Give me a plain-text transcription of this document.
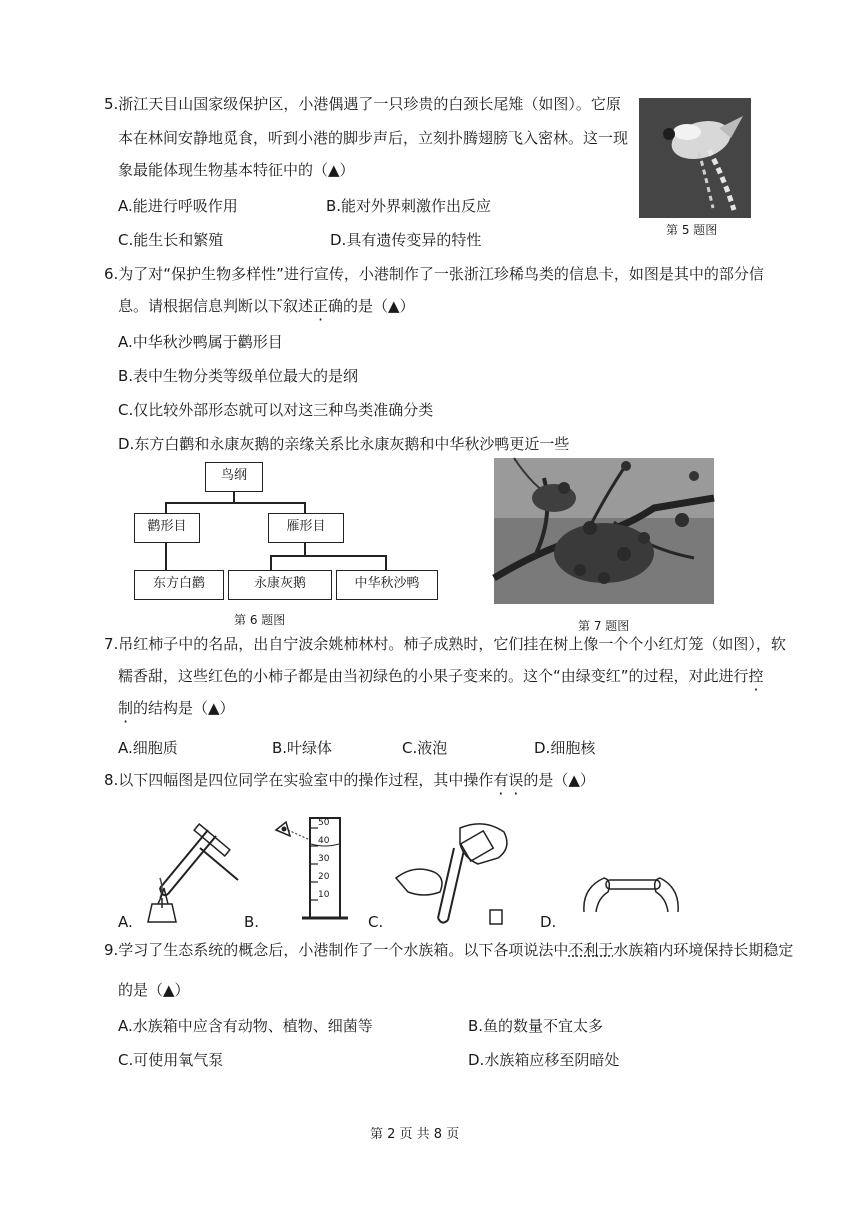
5.浙江天目山国家级保护区，小港偶遇了一只珍贵的白颈长尾雉（如图）。它原
本在林间安静地觅食，听到小港的脚步声后，立刻扑腾翅膀飞入密林。这一现
象最能体现生物基本特征中的（▲）
A.能进行呼吸作用	B.能对外界刺激作出反应
C.能生长和繁殖	D.具有遗传变异的特性
第 5 题图
6.为了对“保护生物多样性”进行宣传，小港制作了一张浙江珍稀鸟类的信息卡，如图是其中的部分信
息。请根据信息判断以下叙述正确的是（▲）
A.中华秋沙鸭属于鹳形目
B.表中生物分类等级单位最大的是纲
C.仅比较外部形态就可以对这三种鸟类准确分类
D.东方白鹳和永康灰鹅的亲缘关系比永康灰鹅和中华秋沙鸭更近一些
鸟纲
鹳形目	雁形目
东方白鹳	永康灰鹅	中华秋沙鸭
第 6 题图	第 7 题图
7.吊红柿子中的名品，出自宁波余姚柿林村。柿子成熟时，它们挂在树上像一个个小红灯笼（如图），软
糯香甜，这些红色的小柿子都是由当初绿色的小果子变来的。这个“由绿变红”的过程，对此进行控
制的结构是（▲）
A.细胞质	B.叶绿体	C.液泡	D.细胞核
8.以下四幅图是四位同学在实验室中的操作过程，其中操作有误的是（▲）
A.
50
40
30
20
10
B.	C.	D.
9.学习了生态系统的概念后，小港制作了一个水族箱。以下各项说法中不利于水族箱内环境保持长期稳定
的是（▲）
A.水族箱中应含有动物、植物、细菌等	B.鱼的数量不宜太多
C.可使用氧气泵	D.水族箱应移至阴暗处
第 2 页 共 8 页
